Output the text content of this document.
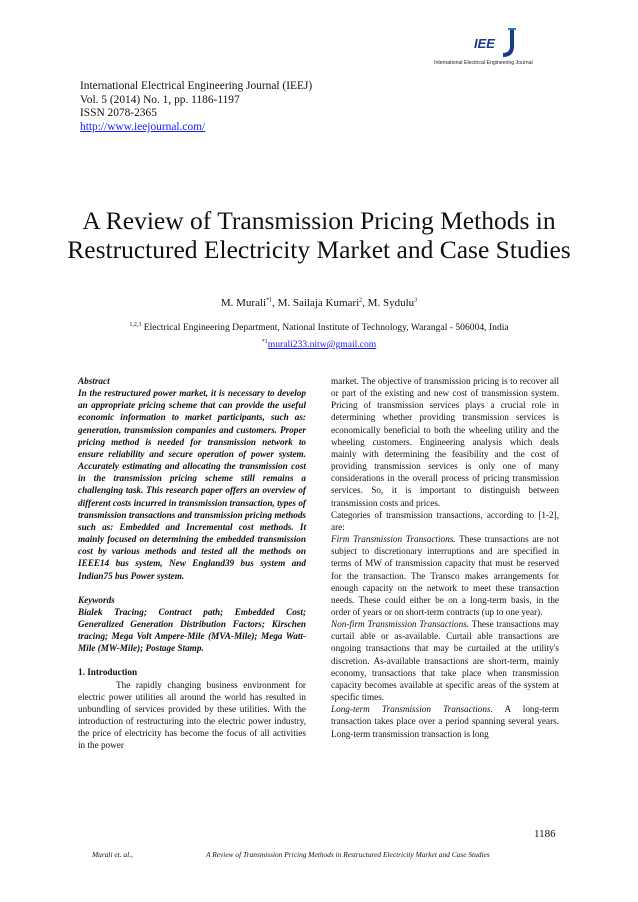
IEE
International Electrical Engineering Journal
International Electrical Engineering Journal (IEEJ)
Vol. 5 (2014) No. 1, pp. 1186-1197
ISSN 2078-2365
http://www.ieejournal.com/
A Review of Transmission Pricing Methods in Restructured Electricity Market and Case Studies
M. Murali$^{*1}$, M. Sailaja Kumari$^2$, M. Sydulu$^3$
$^{1,2,3}$ Electrical Engineering Department, National Institute of Technology, Warangal - 506004, India
$^{*1}$murali233.nitw@gmail.com

Abstract

In the restructured power market, it is necessary to develop an appropriate pricing scheme that can provide the useful economic information to market participants, such as: generation, transmission companies and customers. Proper pricing method is needed for transmission network to ensure reliability and secure operation of power system. Accurately estimating and allocating the transmission cost in the transmission pricing scheme still remains a challenging task. This research paper offers an overview of different costs incurred in transmission transaction, types of transmission transactions and transmission pricing methods such as: Embedded and Incremental cost methods. It mainly focused on determining the embedded transmission cost by various methods and tested all the methods on IEEE14 bus system, New England39 bus system and Indian75 bus Power system.

Keywords

Bialek Tracing; Contract path; Embedded Cost; Generalized Generation Distribution Factors; Kirschen tracing; Mega Volt Ampere-Mile (MVA-Mile); Mega Watt-Mile (MW-Mile); Postage Stamp.

1. Introduction

The rapidly changing business environment for electric power utilities all around the world has resulted in unbundling of services provided by these utilities. With the introduction of restructuring into the electric power industry, the price of electricity has become the focus of all activities in the power

market. The objective of transmission pricing is to recover all or part of the existing and new cost of transmission system. Pricing of transmission services plays a crucial role in determining whether providing transmission services is economically beneficial to both the wheeling utility and the wheeling customers. Engineering analysis which deals mainly with determining the feasibility and the cost of providing transmission services is only one of many considerations in the overall process of pricing transmission services. So, it is important to distinguish between transmission costs and prices.

Categories of transmission transactions, according to [1-2], are:

Firm Transmission Transactions. These transactions are not subject to discretionary interruptions and are specified in terms of MW of transmission capacity that must be reserved for the transaction. The Transco makes arrangements for enough capacity on the network to meet these transaction needs. These could either be on a long-term basis, in the order of years or on short-term contracts (up to one year).

Non-firm Transmission Transactions. These transactions may curtail able or as-available. Curtail able transactions are ongoing transactions that may be curtailed at the utility's discretion. As-available transactions are short-term, mainly economy, transactions that take place when transmission capacity becomes available at specific areas of the system at specific times.

Long-term Transmission Transactions. A long-term transaction takes place over a period spanning several years. Long-term transmission transaction is long

1186
Murali et. al.,	A Review of Transmission Pricing Methods in Restructured Electricity Market and Case Studies
